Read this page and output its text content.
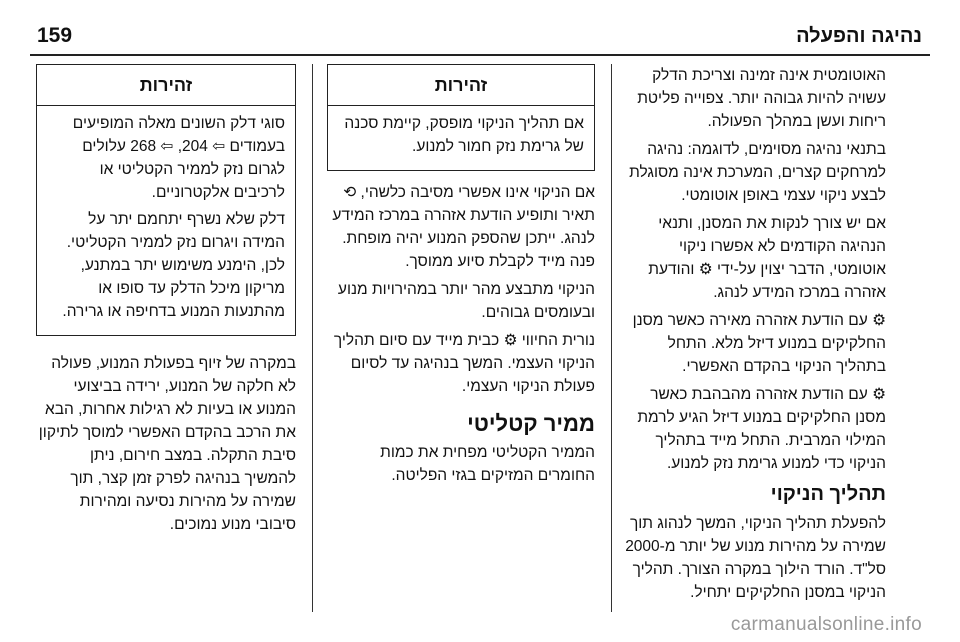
159	נהיגה והפעלה

האוטומטית אינה זמינה וצריכת הדלק עשויה להיות גבוהה יותר. צפוייה פליטת ריחות ועשן במהלך הפעולה.

בתנאי נהיגה מסוימים, לדוגמה: נהיגה למרחקים קצרים, המערכת אינה מסוגלת לבצע ניקוי עצמי באופן אוטומטי.

אם יש צורך לנקות את המסנן, ותנאי הנהיגה הקודמים לא אפשרו ניקוי אוטומטי, הדבר יצוין על-ידי ⚙ והודעת אזהרה במרכז המידע לנהג.

⚙ עם הודעת אזהרה מאירה כאשר מסנן החלקיקים במנוע דיזל מלא. התחל בתהליך הניקוי בהקדם האפשרי.

⚙ עם הודעת אזהרה מהבהבת כאשר מסנן החלקיקים במנוע דיזל הגיע לרמת המילוי המרבית. התחל מייד בתהליך הניקוי כדי למנוע גרימת נזק למנוע.

תהליך הניקוי

להפעלת תהליך הניקוי, המשך לנהוג תוך שמירה על מהירות מנוע של יותר מ-2000 סל"ד. הורד הילוך במקרה הצורך. תהליך הניקוי במסנן החלקיקים יתחיל.

זהירות

אם תהליך הניקוי מופסק, קיימת סכנה של גרימת נזק חמור למנוע.

אם הניקוי אינו אפשרי מסיבה כלשהי, ⟲ תאיר ותופיע הודעת אזהרה במרכז המידע לנהג. ייתכן שהספק המנוע יהיה מופחת. פנה מייד לקבלת סיוע ממוסך.

הניקוי מתבצע מהר יותר במהירויות מנוע ובעומסים גבוהים.

נורית החיווי ⚙ כבית מייד עם סיום תהליך הניקוי העצמי. המשך בנהיגה עד לסיום פעולת הניקוי העצמי.

ממיר קטליטי

הממיר הקטליטי מפחית את כמות החומרים המזיקים בגזי הפליטה.

זהירות

סוגי דלק השונים מאלה המופיעים בעמודים ⇦ 204, ⇦ 268 עלולים לגרום נזק לממיר הקטליטי או לרכיבים אלקטרוניים.

דלק שלא נשרף יתחמם יתר על המידה ויגרום נזק לממיר הקטליטי. לכן, הימנע משימוש יתר במתנע, מריקון מיכל הדלק עד סופו או מהתנעות המנוע בדחיפה או גרירה.

במקרה של זיוף בפעולת המנוע, פעולה לא חלקה של המנוע, ירידה בביצועי המנוע או בעיות לא רגילות אחרות, הבא את הרכב בהקדם האפשרי למוסך לתיקון סיבת התקלה. במצב חירום, ניתן להמשיך בנהיגה לפרק זמן קצר, תוך שמירה על מהירות נסיעה ומהירות סיבובי מנוע נמוכים.

carmanualsonline.info
